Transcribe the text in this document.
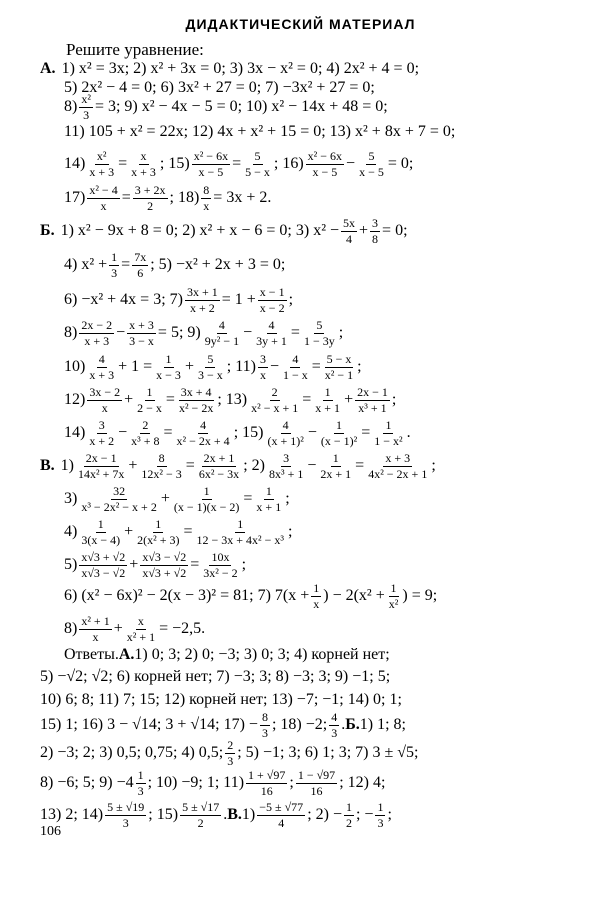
ДИДАКТИЧЕСКИЙ МАТЕРИАЛ
Решите уравнение:
А. 1) x² = 3x; 2) x² + 3x = 0; 3) 3x − x² = 0; 4) 2x² + 4 = 0;
5) 2x² − 4 = 0; 6) 3x² + 27 = 0; 7) −3x² + 27 = 0;
$8) \frac{\text{x²}}{3} = 3$; 9) x² − 4x − 5 = 0; 10) x² − 14x + 48 = 0;
11) 105 + x² = 22x; 12) 4x + x² + 15 = 0; 13) x² + 8x + 7 = 0;
$14) \frac{\text{x²}}{x + 3} = \frac{x}{x + 3}$ ; $15) \frac{\text{x² − 6x}}{x - 5} = \frac{5}{5 - x}$ ; $16) \frac{\text{x² − 6x}}{x - 5} - \frac{5}{x - 5} = 0$;
$17) \frac{\text{x² − 4}}{x} = \frac{3 + 2x}{2}$ ; $18) \frac{8}{x} = 3x + 2$.
Б. 1) x² − 9x + 8 = 0; 2) x² + x − 6 = 0; 3) $x^2 - \frac{5x}{4} + \frac{3}{8} = 0$;
4) $x^2 + \frac{1}{3} = \frac{7x}{6}$ ; 5) −x² + 2x + 3 = 0;
6) −x² + 4x = 3; $7) \frac{3x + 1}{x + 2} = 1 + \frac{x - 1}{x - 2}$ ;
$8) \frac{2x - 2}{x + 3} - \frac{x + 3}{3 - x} = 5$; $9) \frac{4}{\text{9y² − 1}} - \frac{4}{3y + 1} = \frac{5}{1 - 3y}$ ;
$10) \frac{4}{x + 3} + 1 = \frac{1}{x - 3} + \frac{5}{3 - x}$ ; $11) \frac{3}{x} - \frac{4}{1 - x} = \frac{5 - x}{\text{x² − 1}}$ ;
$12) \frac{3x - 2}{x} + \frac{1}{2 - x} = \frac{3x + 4}{\text{x² − 2x}}$ ; $13) \frac{2}{\text{x² − x + 1}} = \frac{1}{x + 1} + \frac{2x - 1}{\text{x³ + 1}}$ ;
$14) \frac{3}{x + 2} - \frac{2}{\text{x³ + 8}} = \frac{4}{\text{x² − 2x + 4}}$ ; $15) \frac{4}{\text{(x + 1)²}} - \frac{1}{\text{(x − 1)²}} = \frac{1}{\text{1 − x²}}$ .
В. $1) \frac{2x - 1}{\text{14x² + 7x}} + \frac{8}{\text{12x² − 3}} = \frac{2x + 1}{\text{6x² − 3x}}$ ; $2) \frac{3}{\text{8x³ + 1}} - \frac{1}{2x + 1} = \frac{x + 3}{\text{4x² − 2x + 1}}$ ;
$3) \frac{32}{\text{x³ − 2x² − x + 2}} + \frac{1}{(x - 1)(x - 2)} = \frac{1}{x + 1}$ ;
$4) \frac{1}{3(x - 4)} + \frac{1}{\text{2(x² + 3)}} = \frac{1}{\text{12 − 3x + 4x² − x³}}$ ;
$5) \frac{x√3 + √2}{x√3 - √2} + \frac{x√3 - √2}{x√3 + √2} = \frac{10x}{\text{3x² − 2}}$ ;
6) (x² − 6x)² − 2(x − 3)² = 81; 7) $7(x + \frac{1}{x}$ ) − $2(x^2 + \frac{1}{\text{x²}}$ ) = 9;
$8) \frac{\text{x² + 1}}{x} + \frac{x}{\text{x² + 1}} = -2,5$.
Ответы. А. 1) 0; 3; 2) 0; −3; 3) 0; 3; 4) корней нет;
5) −√2; √2; 6) корней нет; 7) −3; 3; 8) −3; 3; 9) −1; 5;
10) 6; 8; 11) 7; 15; 12) корней нет; 13) −7; −1; 14) 0; 1;
15) 1; 16) 3 − √14; 3 + √14; $17) - \frac{8}{3}$ ; 18) −2; $\frac{4}{3}$ . Б. 1) 1; 8;
2) −3; 2; 3) 0,5; 0,75; 4) 0,5; $\frac{2}{3}$ ; 5) −1; 3; 6) 1; 3; 7) 3 ± √5;
8) −6; 5; $9) -4 \frac{1}{3}$ ; 10) −9; 1; $11) \frac{1 + √97}{16}$ ; $\frac{1 - √97}{16}$ ; 12) 4;
13) 2; $14) \frac{5 \pm √19}{3}$ ; $15) \frac{5 \pm √17}{2}$ . В. $1) \frac{-5 \pm √77}{4}$ ; $2) - \frac{1}{2}$ ; − $\frac{1}{3}$ ;
106
